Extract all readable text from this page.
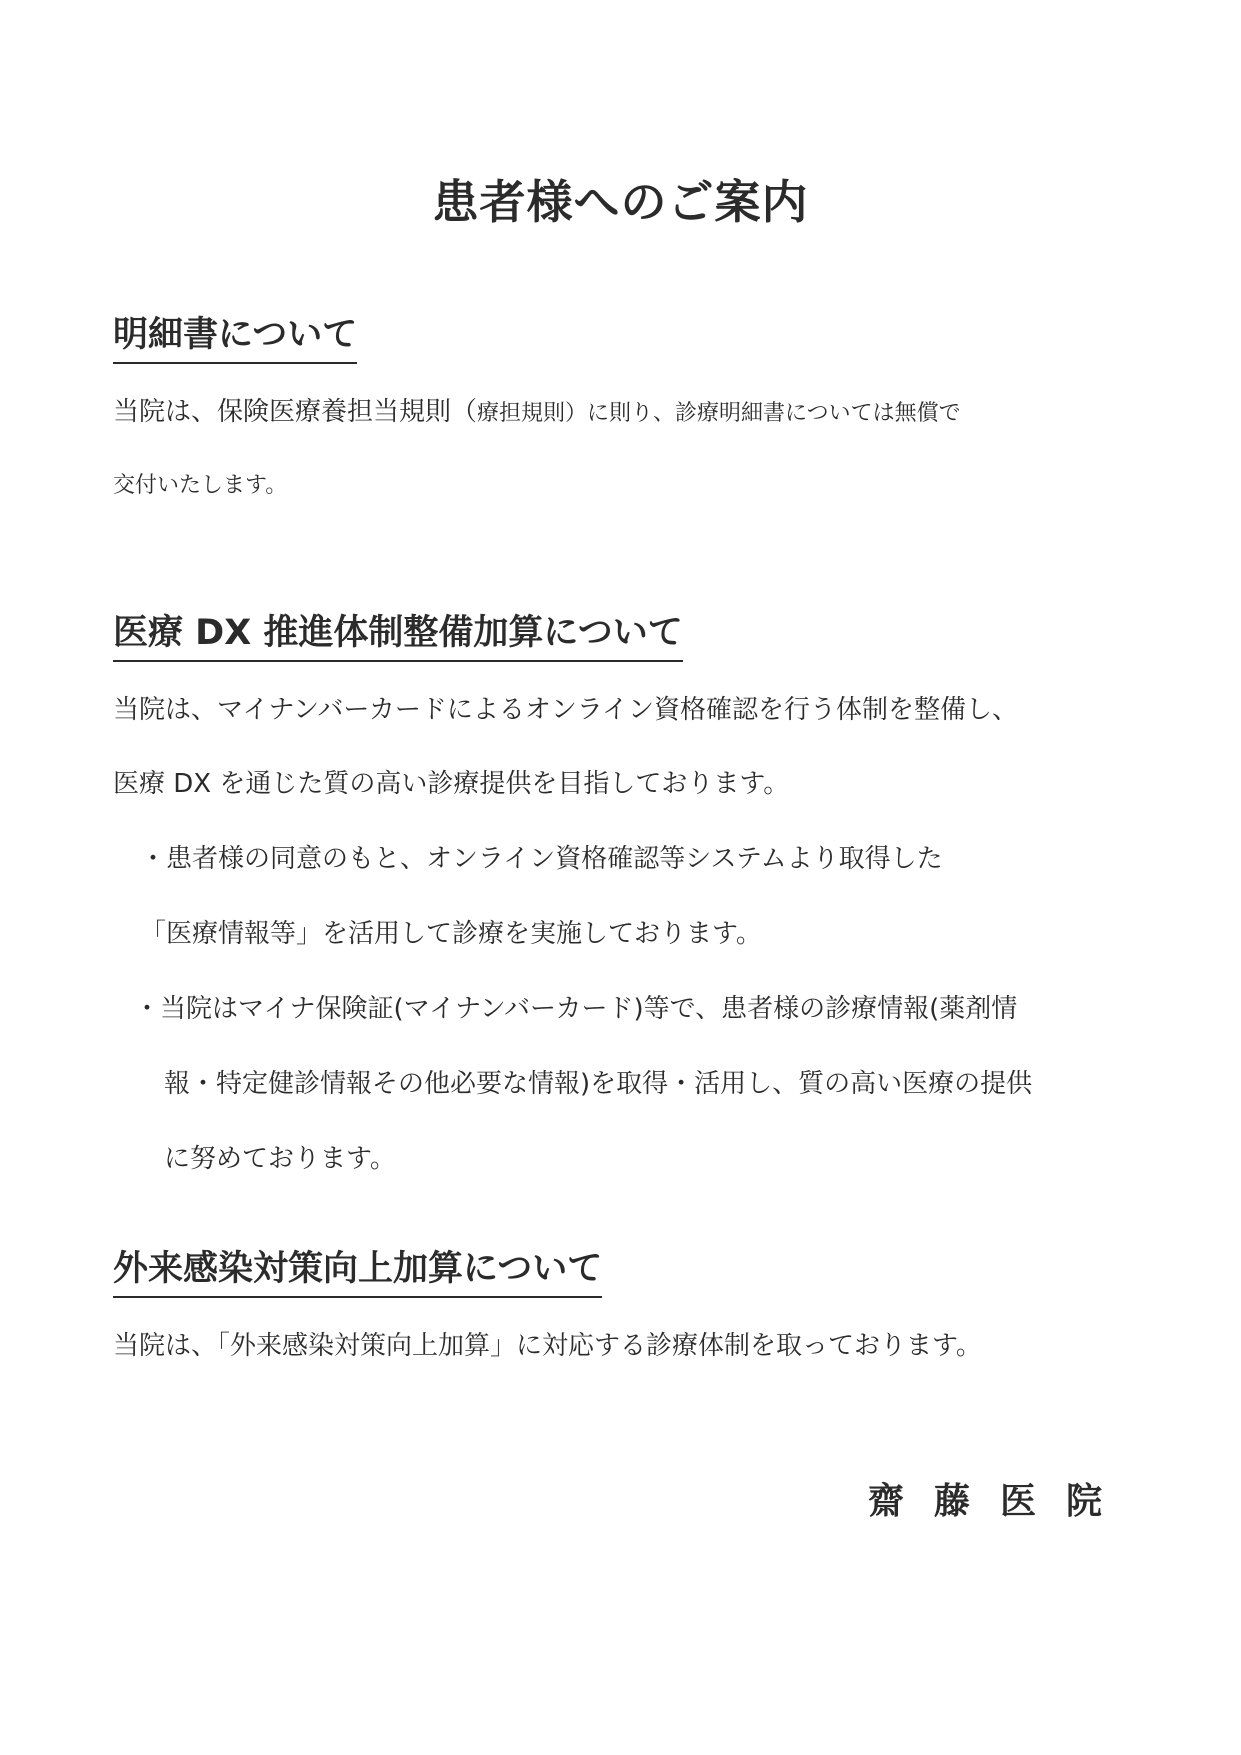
患者様へのご案内
明細書について
当院は、保険医療養担当規則（療担規則）に則り、診療明細書については無償で
交付いたします。
医療 DX 推進体制整備加算について
当院は、マイナンバーカードによるオンライン資格確認を行う体制を整備し、
医療 DX を通じた質の高い診療提供を目指しております。
・患者様の同意のもと、オンライン資格確認等システムより取得した
「医療情報等」を活用して診療を実施しております。
・当院はマイナ保険証(マイナンバーカード)等で、患者様の診療情報(薬剤情
報・特定健診情報その他必要な情報)を取得・活用し、質の高い医療の提供
に努めております。
外来感染対策向上加算について
当院は、「外来感染対策向上加算」に対応する診療体制を取っております。
齋藤医院
